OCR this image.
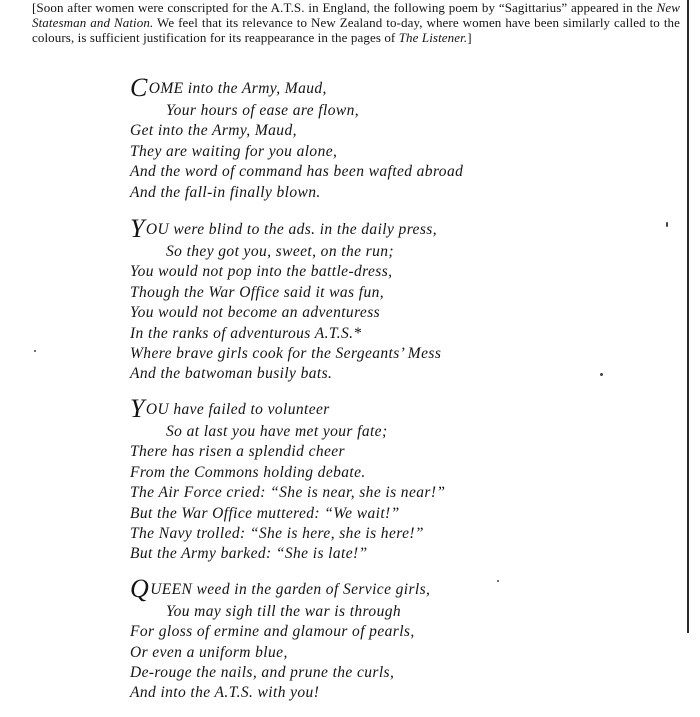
[Soon after women were conscripted for the A.T.S. in England, the following poem by “Sagittarius” appeared in the New Statesman and Nation. We feel that its relevance to New Zealand to-day, where women have been similarly called to the colours, is sufficient justification for its reappearance in the pages of The Listener.]
COME into the Army, Maud,
Your hours of ease are flown,
Get into the Army, Maud,
They are waiting for you alone,
And the word of command has been wafted abroad
And the fall-in finally blown.
YOU were blind to the ads. in the daily press,
So they got you, sweet, on the run;
You would not pop into the battle-dress,
Though the War Office said it was fun,
You would not become an adventuress
In the ranks of adventurous A.T.S.*
Where brave girls cook for the Sergeants’ Mess
And the batwoman busily bats.
YOU have failed to volunteer
So at last you have met your fate;
There has risen a splendid cheer
From the Commons holding debate.
The Air Force cried: “She is near, she is near!”
But the War Office muttered: “We wait!”
The Navy trolled: “She is here, she is here!”
But the Army barked: “She is late!”
QUEEN weed in the garden of Service girls,
You may sigh till the war is through
For gloss of ermine and glamour of pearls,
Or even a uniform blue,
De-rouge the nails, and prune the curls,
And into the A.T.S. with you!
